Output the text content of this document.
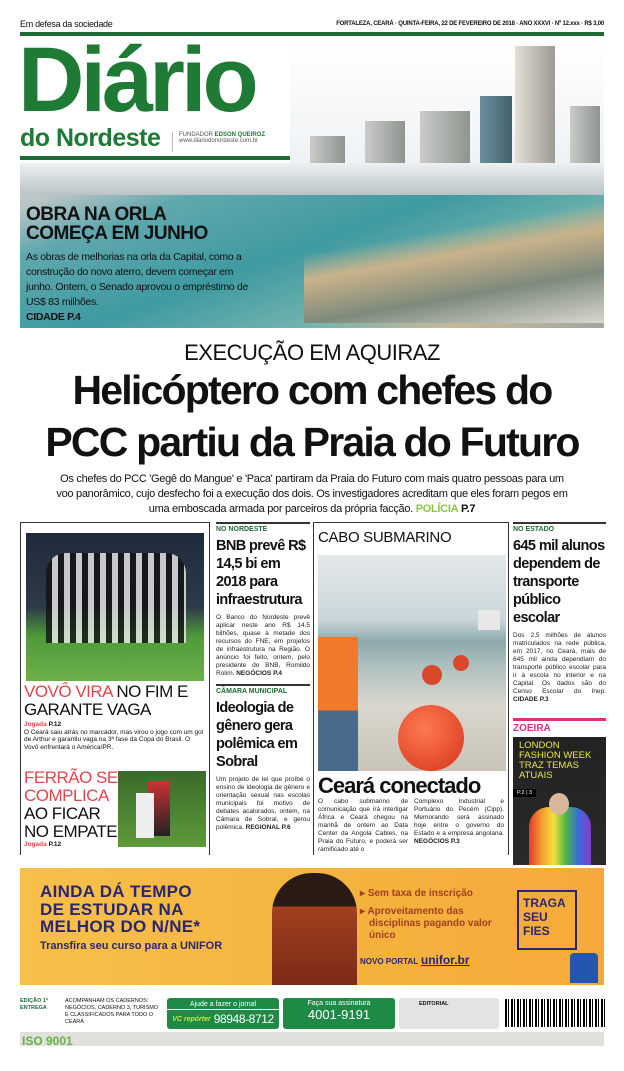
Em defesa da sociedade	FORTALEZA, CEARÁ · QUINTA-FEIRA, 22 DE FEVEREIRO DE 2018 · ANO XXXVI · Nº 12.xxx · R$ 3,00
Diário
do Nordeste	FUNDADOR EDSON QUEIROZ
www.diariodonordeste.com.br
OBRA NA ORLA
COMEÇA EM JUNHO
As obras de melhorias na orla da Capital, como a construção do novo aterro, devem começar em junho. Ontem, o Senado aprovou o empréstimo de US$ 83 milhões.
CIDADE P.4
EXECUÇÃO EM AQUIRAZ
Helicóptero com chefes do
PCC partiu da Praia do Futuro
Os chefes do PCC 'Gegê do Mangue' e 'Paca' partiram da Praia do Futuro com mais quatro pessoas para um voo panorâmico, cujo desfecho foi a execução dos dois. Os investigadores acreditam que eles foram pegos em uma emboscada armada por parceiros da própria facção. POLÍCIA P.7
VOVÔ VIRA NO FIM E GARANTE VAGA
Jogada P.12
O Ceará saiu atrás no marcador, mas virou o jogo com um gol de Arthur e garantiu vaga na 3ª fase da Copa do Brasil. O Vovô enfrentará o América/PR.
FERRÃO SE COMPLICA AO FICAR NO EMPATE
Jogada P.12
NO NORDESTE
BNB prevê R$ 14,5 bi em 2018 para infraestrutura
O Banco do Nordeste prevê aplicar neste ano R$ 14,5 bilhões, quase a metade dos recursos do FNE, em projetos de infraestrutura na Região. O anúncio foi feito, ontem, pelo presidente do BNB, Romildo Rolim. NEGÓCIOS P.4
CÂMARA MUNICIPAL
Ideologia de gênero gera polêmica em Sobral
Um projeto de lei que proíbe o ensino de ideologia de gênero e orientação sexual nas escolas municipais foi motivo de debates acalorados, ontem, na Câmara de Sobral, e gerou polêmica. REGIONAL P.6
CABO SUBMARINO
Ceará conectado
O cabo submarino de comunicação que irá interligar África e Ceará chegou na manhã de ontem ao Data Center da Angola Cables, na Praia do Futuro, e poderá ser ramificado até o
Complexo Industrial e Portuário do Pecém (Cipp). Memorando será assinado hoje entre o governo do Estado e a empresa angolana. NEGÓCIOS P.3
NO ESTADO
645 mil alunos dependem de transporte público escolar
Dos 2,5 milhões de alunos matriculados na rede pública, em 2017, no Ceará, mais de 645 mil ainda dependiam do transporte público escolar para ir à escola no interior e na Capital. Os dados são do Censo Escolar do Inep. CIDADE P.3
ZOEIRA
LONDON FASHION WEEK TRAZ TEMAS ATUAIS
P.2 | 3
AINDA DÁ TEMPO
DE ESTUDAR NA
MELHOR DO N/NE*
Transfira seu curso para a UNIFOR
▸ Sem taxa de inscrição
▸ Aproveitamento das disciplinas pagando valor único
NOVO PORTAL unifor.br
TRAGA SEU FIES
EDIÇÃO 1ª ENTREGA
ACOMPANHAM OS CADERNOS: NEGÓCIOS, CADERNO 3, TURISMO E CLASSIFICADOS PARA TODO O CEARÁ
Ajude a fazer o jornal
VC repórter 98948-8712
Faça sua assinatura
4001-9191
EDITORIAL
ISO 9001
